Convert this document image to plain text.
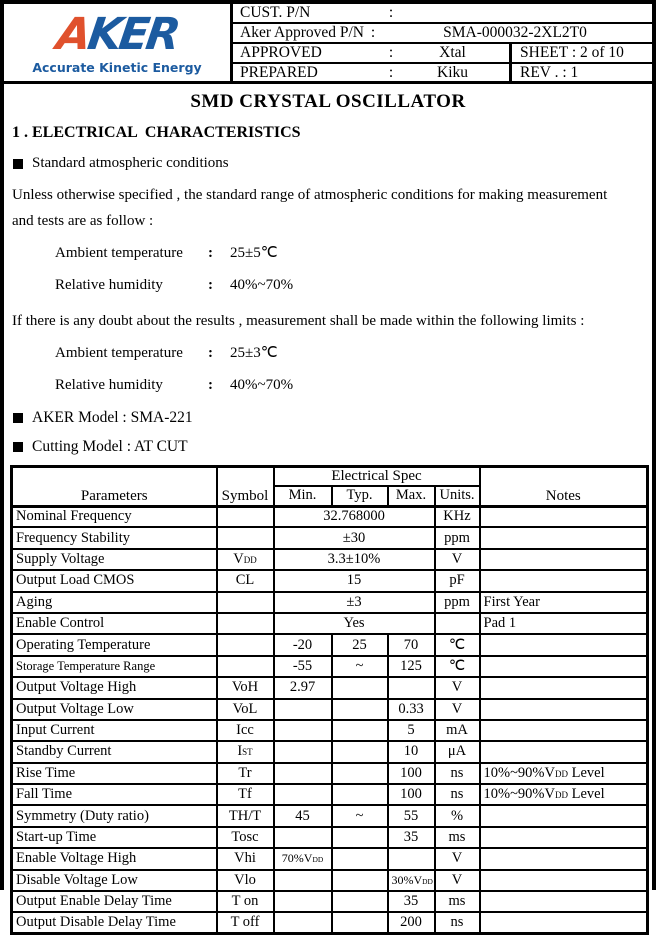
AKER
Accurate Kinetic Energy
CUST. P/N	:
Aker Approved P/N :	SMA-000032-2XL2T0
APPROVED	:	Xtal	SHEET : 2 of 10
PREPARED	:	Kiku	REV . : 1
SMD CRYSTAL OSCILLATOR
1 . ELECTRICAL  CHARACTERISTICS
Standard atmospheric conditions
Unless otherwise specified , the standard range of atmospheric conditions for making measurement
and tests are as follow :
Ambient temperature	:	25±5℃
Relative humidity	:	40%~70%
If there is any doubt about the results , measurement shall be made within the following limits :
Ambient temperature	:	25±3℃
Relative humidity	:	40%~70%
AKER Model : SMA-221
Cutting Model : AT CUT
Parameters	Symbol	Electrical Spec				Notes
		Min.	Typ.	Max.	Units.	
Nominal Frequency		32.768000			KHz	
Frequency Stability		±30			ppm	
Supply Voltage	VDD	3.3±10%			V	
Output Load CMOS	CL	15			pF	
Aging		±3			ppm	First Year
Enable Control		Yes				Pad 1
Operating Temperature		-20	25	70	℃	
Storage Temperature Range		-55	~	125	℃	
Output Voltage High	VoH	2.97			V	
Output Voltage Low	VoL			0.33	V	
Input Current	Icc			5	mA	
Standby Current	IST			10	μA	
Rise Time	Tr			100	ns	10%~90%VDD Level
Fall Time	Tf			100	ns	10%~90%VDD Level
Symmetry (Duty ratio)	TH/T	45	~	55	%	
Start-up Time	Tosc			35	ms	
Enable Voltage High	Vhi	70%VDD			V	
Disable Voltage Low	Vlo			30%VDD	V	
Output Enable Delay Time	T on			35	ms	
Output Disable Delay Time	T off			200	ns	
